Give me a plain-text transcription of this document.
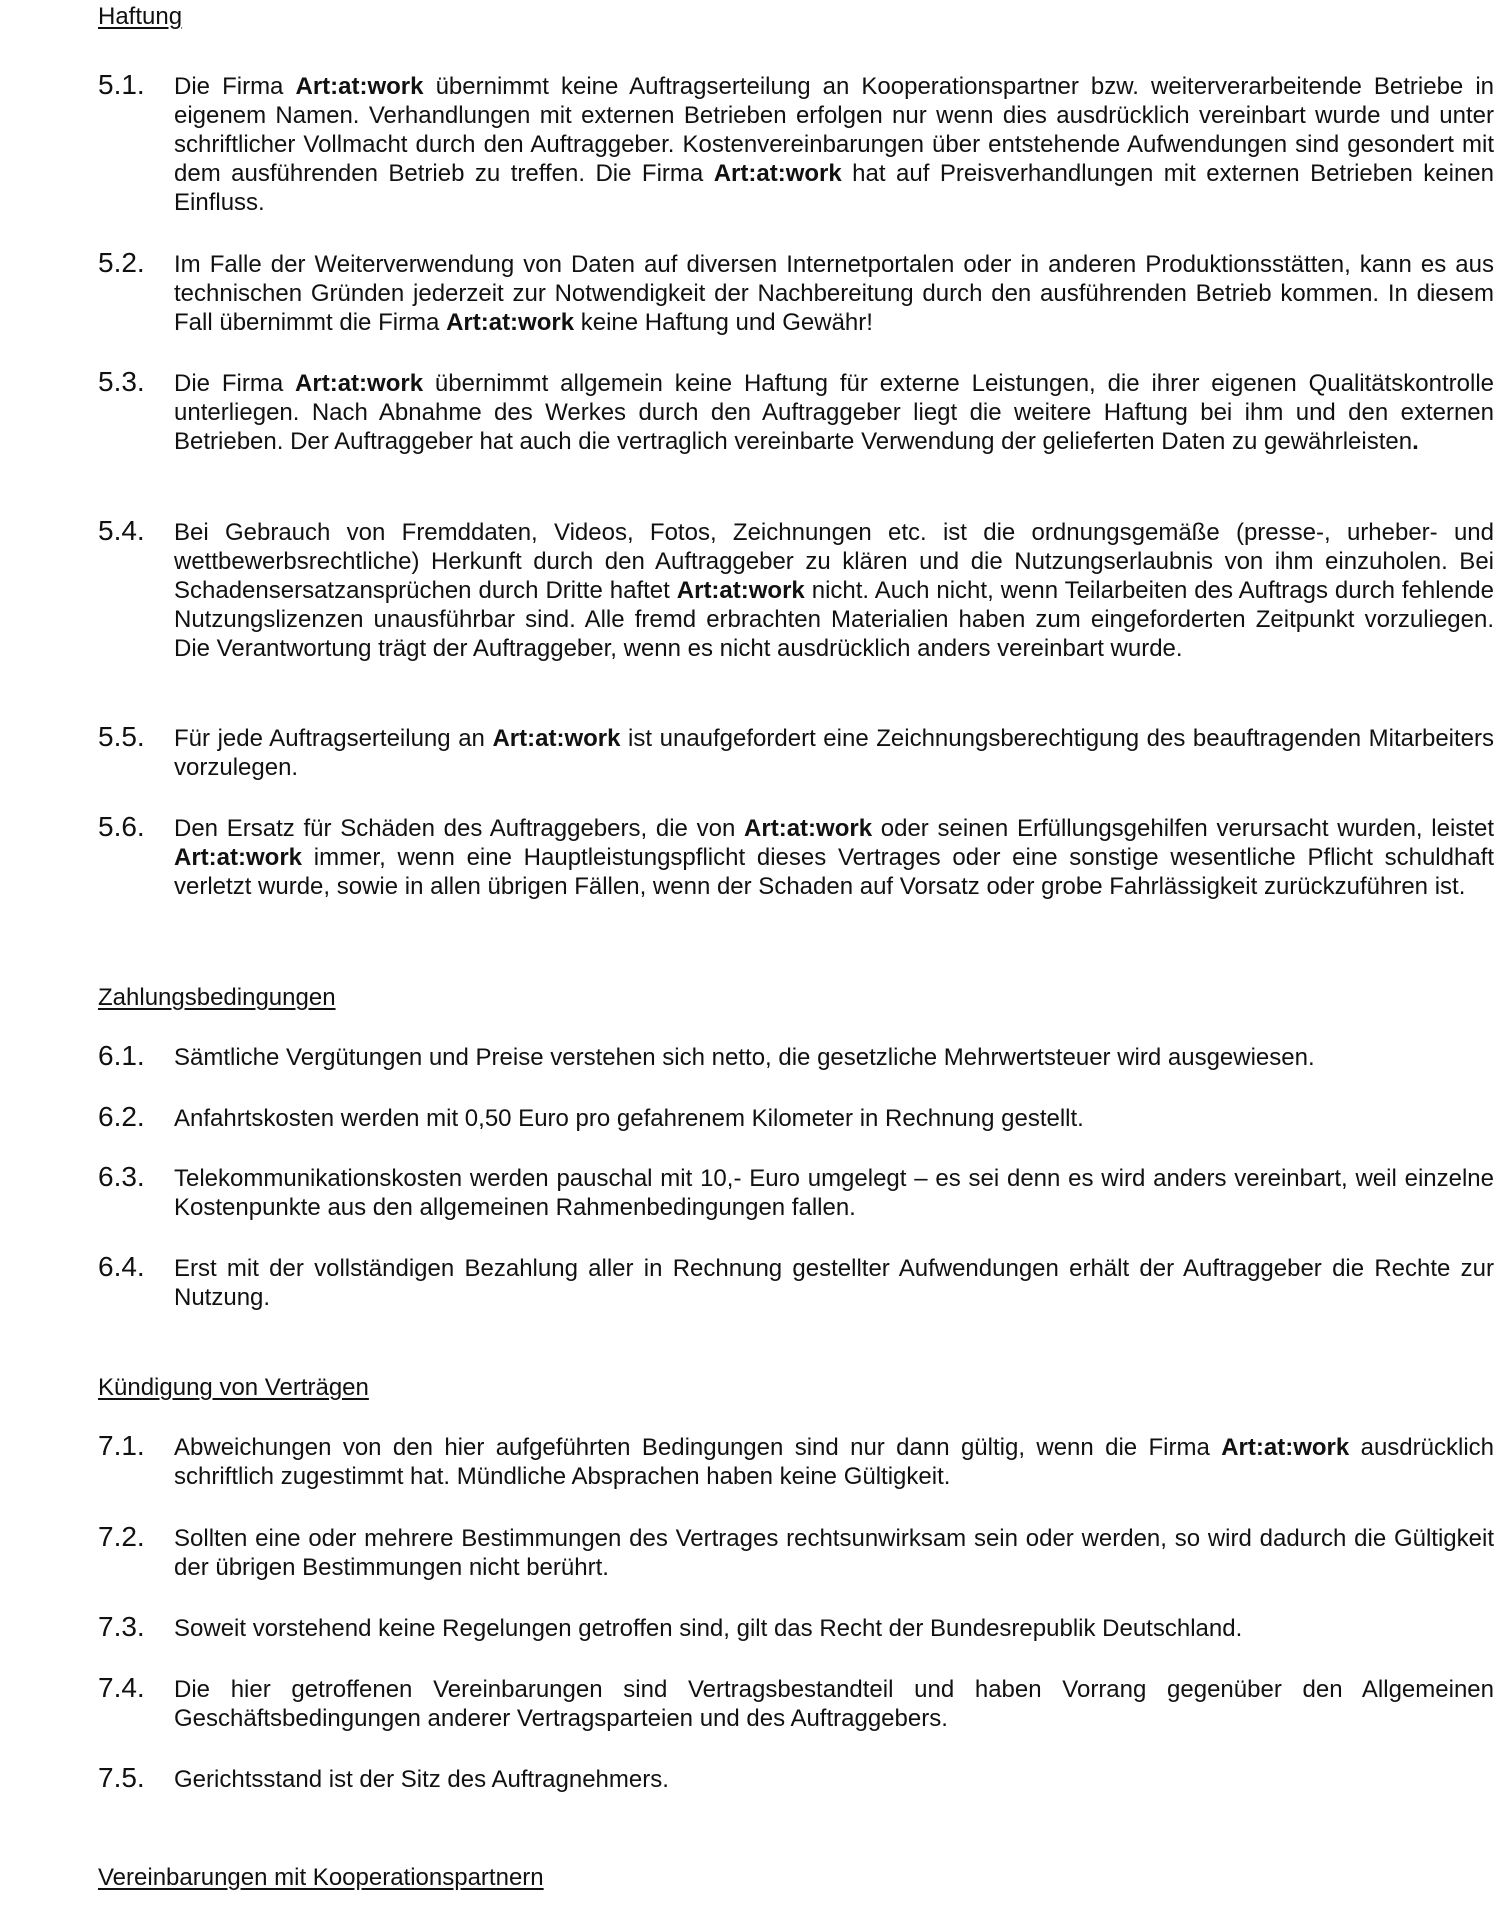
Haftung
5.1. Die Firma Art:at:work übernimmt keine Auftragserteilung an Kooperationspartner bzw. weiterverarbeitende Betriebe in eigenem Namen. Verhandlungen mit externen Betrieben erfolgen nur wenn dies ausdrücklich vereinbart wurde und unter schriftlicher Vollmacht durch den Auftraggeber. Kostenvereinbarungen über entstehende Aufwendungen sind gesondert mit dem ausführenden Betrieb zu treffen. Die Firma Art:at:work hat auf Preisverhandlungen mit externen Betrieben keinen Einfluss.

5.2. Im Falle der Weiterverwendung von Daten auf diversen Internetportalen oder in anderen Produktionsstätten, kann es aus technischen Gründen jederzeit zur Notwendigkeit der Nachbereitung durch den ausführenden Betrieb kommen. In diesem Fall übernimmt die Firma Art:at:work keine Haftung und Gewähr!

5.3. Die Firma Art:at:work übernimmt allgemein keine Haftung für externe Leistungen, die ihrer eigenen Qualitätskontrolle unterliegen. Nach Abnahme des Werkes durch den Auftraggeber liegt die weitere Haftung bei ihm und den externen Betrieben. Der Auftraggeber hat auch die vertraglich vereinbarte Verwendung der gelieferten Daten zu gewährleisten.

5.4. Bei Gebrauch von Fremddaten, Videos, Fotos, Zeichnungen etc. ist die ordnungsgemäße (presse-, urheber- und wettbewerbsrechtliche) Herkunft durch den Auftraggeber zu klären und die Nutzungserlaubnis von ihm einzuholen. Bei Schadensersatzansprüchen durch Dritte haftet Art:at:work nicht. Auch nicht, wenn Teilarbeiten des Auftrags durch fehlende Nutzungslizenzen unausführbar sind. Alle fremd erbrachten Materialien haben zum eingeforderten Zeitpunkt vorzuliegen. Die Verantwortung trägt der Auftraggeber, wenn es nicht ausdrücklich anders vereinbart wurde.

5.5. Für jede Auftragserteilung an Art:at:work ist unaufgefordert eine Zeichnungsberechtigung des beauftragenden Mitarbeiters vorzulegen.

5.6. Den Ersatz für Schäden des Auftraggebers, die von Art:at:work oder seinen Erfüllungsgehilfen verursacht wurden, leistet Art:at:work immer, wenn eine Hauptleistungspflicht dieses Vertrages oder eine sonstige wesentliche Pflicht schuldhaft verletzt wurde, sowie in allen übrigen Fällen, wenn der Schaden auf Vorsatz oder grobe Fahrlässigkeit zurückzuführen ist.

Zahlungsbedingungen
6.1. Sämtliche Vergütungen und Preise verstehen sich netto, die gesetzliche Mehrwertsteuer wird ausgewiesen.

6.2. Anfahrtskosten werden mit 0,50 Euro pro gefahrenem Kilometer in Rechnung gestellt.

6.3. Telekommunikationskosten werden pauschal mit 10,- Euro umgelegt – es sei denn es wird anders vereinbart, weil einzelne Kostenpunkte aus den allgemeinen Rahmenbedingungen fallen.

6.4. Erst mit der vollständigen Bezahlung aller in Rechnung gestellter Aufwendungen erhält der Auftraggeber die Rechte zur Nutzung.

Kündigung von Verträgen
7.1. Abweichungen von den hier aufgeführten Bedingungen sind nur dann gültig, wenn die Firma Art:at:work ausdrücklich schriftlich zugestimmt hat. Mündliche Absprachen haben keine Gültigkeit.

7.2. Sollten eine oder mehrere Bestimmungen des Vertrages rechtsunwirksam sein oder werden, so wird dadurch die Gültigkeit der übrigen Bestimmungen nicht berührt.

7.3. Soweit vorstehend keine Regelungen getroffen sind, gilt das Recht der Bundesrepublik Deutschland.

7.4. Die hier getroffenen Vereinbarungen sind Vertragsbestandteil und haben Vorrang gegenüber den Allgemeinen Geschäftsbedingungen anderer Vertragsparteien und des Auftraggebers.

7.5. Gerichtsstand ist der Sitz des Auftragnehmers.

Vereinbarungen mit Kooperationspartnern
